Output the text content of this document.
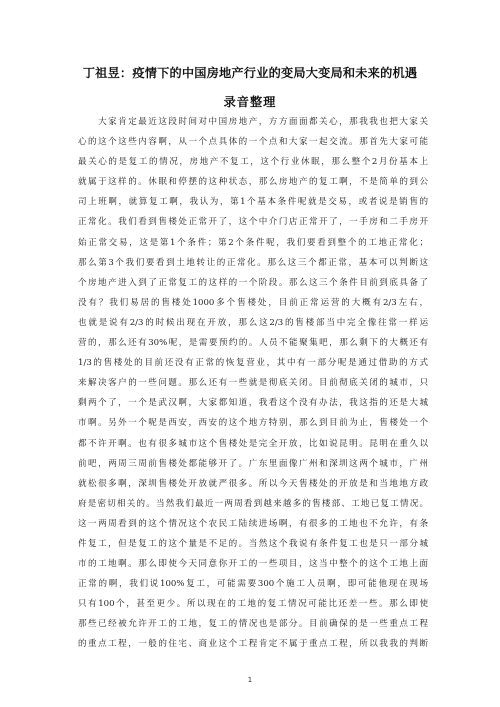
丁祖昱：疫情下的中国房地产行业的变局大变局和未来的机遇
录音整理
　　大家肯定最近这段时间对中国房地产，方方面面都关心，那我我也把大家关
心的这个这些内容啊，从一个点具体的一个点和大家一起交流。那首先大家可能
最关心的是复工的情况，房地产不复工，这个行业休眠，那么整个2月份基本上
就属于这样的。休眠和停摆的这种状态，那么房地产的复工啊，不是简单的到公
司上班啊，就算复工啊，我认为，第1个基本条件呢就是交易，或者说是销售的
正常化。我们看到售楼处正常开了，这个中介门店正常开了，一手房和二手房开
始正常交易，这是第1个条件；第2个条件呢，我们要看到整个的工地正常化；
那么第3个我们要看到土地转让的正常化。那么这三个都正常，基本可以判断这
个房地产进入到了正常复工的这样的一个阶段。那么这三个条件目前到底具备了
没有？我们易居的售楼处1000多个售楼处，目前正常运营的大概有2/3左右，
也就是说有2/3的时候出现在开放，那么这2/3的售楼部当中完全像往常一样运
营的，那么还有30%呢，是需要预约的。人员不能聚集吧，那么剩下的大概还有
1/3的售楼处的目前还没有正常的恢复营业，其中有一部分呢是通过借助的方式
来解决客户的一些问题。那么还有一些就是彻底关闭。目前彻底关闭的城市，只
剩两个了，一个是武汉啊，大家都知道，我看这个没有办法，我这指的还是大城
市啊。另外一个呢是西安，西安的这个地方特别，那么到目前为止，售楼处一个
都不许开啊。也有很多城市这个售楼处是完全开放，比如说昆明。昆明在重久以
前吧，两周三周前售楼处都能够开了。广东里面像广州和深圳这两个城市，广州
就松很多啊，深圳售楼处开放就严很多。所以今天售楼处的开放是和当地地方政
府是密切相关的。当然我们最近一两周看到越来越多的售楼部、工地已复工情况。
这一两周看到的这个情况这个农民工陆续进场啊，有很多的工地也不允许，有条
件复工，但是复工的这个量是不足的。当然这个我说有条件复工也是只一部分城
市的工地啊。那么即使今天同意你开工的一些项目，这当中整个的这个工地上面
正常的啊，我们说100%复工，可能需要300个施工人员啊，即可能他现在现场
只有100个，甚至更少。所以现在的工地的复工情况可能比还差一些。那么即使
那些已经被允许开工的工地，复工的情况也是部分。目前确保的是一些重点工程
的重点工程，一般的住宅、商业这个工程肯定不属于重点工程，所以我我的判断
1
